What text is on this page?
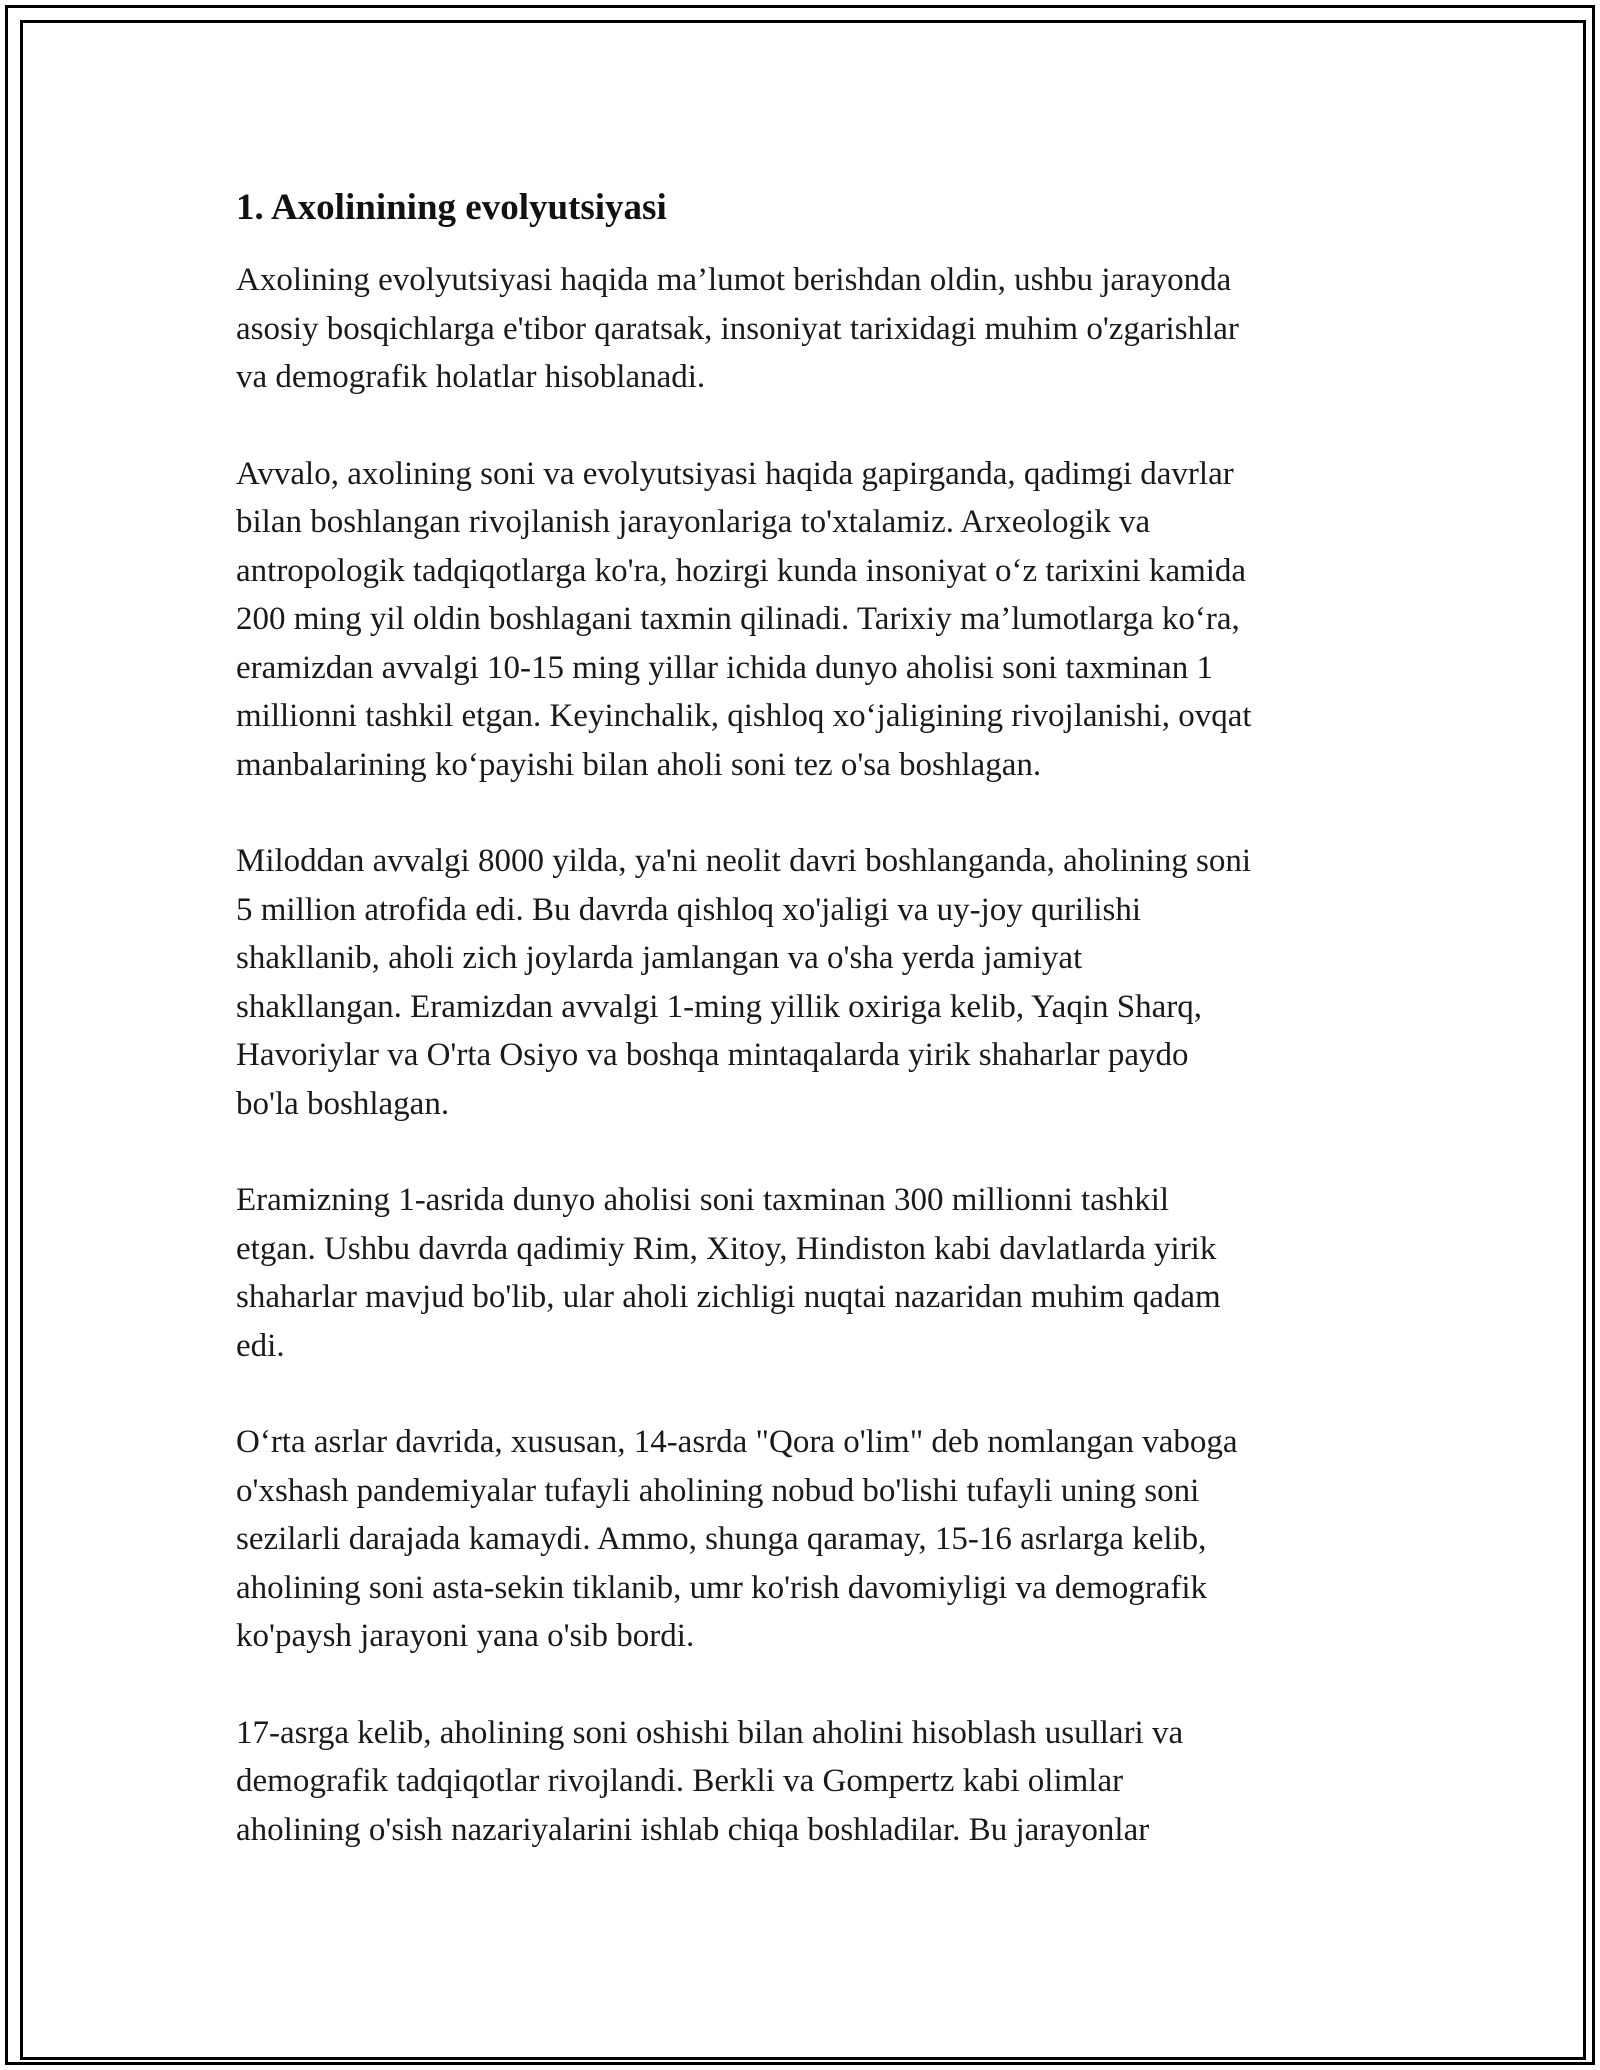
1. Axolinining evolyutsiyasi

Axolining evolyutsiyasi haqida ma’lumot berishdan oldin, ushbu jarayonda
asosiy bosqichlarga e'tibor qaratsak, insoniyat tarixidagi muhim o'zgarishlar
va demografik holatlar hisoblanadi.

Avvalo, axolining soni va evolyutsiyasi haqida gapirganda, qadimgi davrlar
bilan boshlangan rivojlanish jarayonlariga to'xtalamiz. Arxeologik va
antropologik tadqiqotlarga ko'ra, hozirgi kunda insoniyat o‘z tarixini kamida
200 ming yil oldin boshlagani taxmin qilinadi. Tarixiy ma’lumotlarga ko‘ra,
eramizdan avvalgi 10-15 ming yillar ichida dunyo aholisi soni taxminan 1
millionni tashkil etgan. Keyinchalik, qishloq xo‘jaligining rivojlanishi, ovqat
manbalarining ko‘payishi bilan aholi soni tez o'sa boshlagan.

Miloddan avvalgi 8000 yilda, ya'ni neolit davri boshlanganda, aholining soni
5 million atrofida edi. Bu davrda qishloq xo'jaligi va uy-joy qurilishi
shakllanib, aholi zich joylarda jamlangan va o'sha yerda jamiyat
shakllangan. Eramizdan avvalgi 1-ming yillik oxiriga kelib, Yaqin Sharq,
Havoriylar va O'rta Osiyo va boshqa mintaqalarda yirik shaharlar paydo
bo'la boshlagan.

Eramizning 1-asrida dunyo aholisi soni taxminan 300 millionni tashkil
etgan. Ushbu davrda qadimiy Rim, Xitoy, Hindiston kabi davlatlarda yirik
shaharlar mavjud bo'lib, ular aholi zichligi nuqtai nazaridan muhim qadam
edi.

O‘rta asrlar davrida, xususan, 14-asrda "Qora o'lim" deb nomlangan vaboga
o'xshash pandemiyalar tufayli aholining nobud bo'lishi tufayli uning soni
sezilarli darajada kamaydi. Ammo, shunga qaramay, 15-16 asrlarga kelib,
aholining soni asta-sekin tiklanib, umr ko'rish davomiyligi va demografik
ko'paysh jarayoni yana o'sib bordi.

17-asrga kelib, aholining soni oshishi bilan aholini hisoblash usullari va
demografik tadqiqotlar rivojlandi. Berkli va Gompertz kabi olimlar
aholining o'sish nazariyalarini ishlab chiqa boshladilar. Bu jarayonlar
